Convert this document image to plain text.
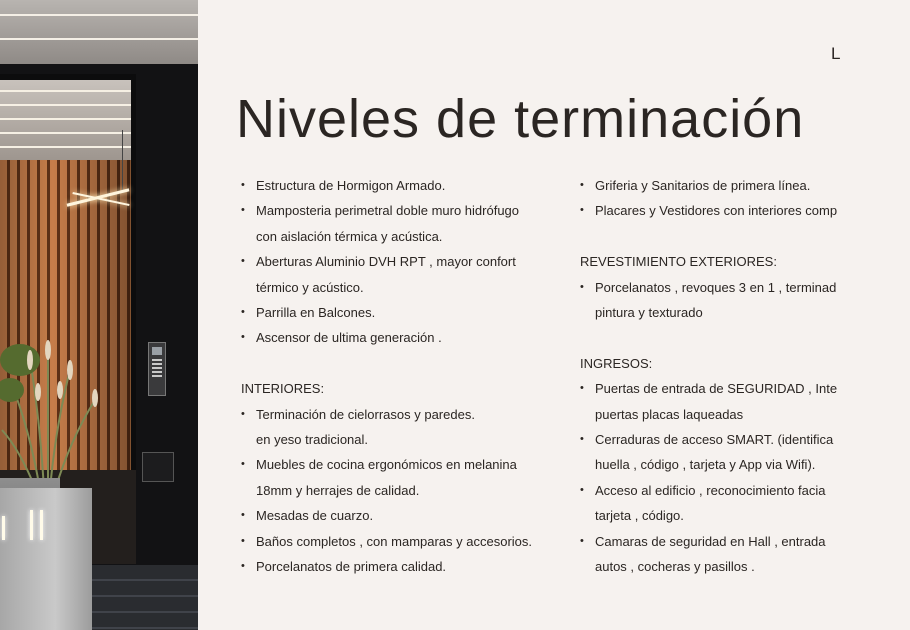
L
Niveles de terminación
• Estructura de Hormigon Armado.
• Mamposteria perimetral doble muro hidrófugo
con aislación térmica y acústica.
• Aberturas Aluminio DVH RPT , mayor confort
térmico y acústico.
• Parrilla en Balcones.
• Ascensor de ultima generación .
INTERIORES:
• Terminación de cielorrasos y paredes.
en yeso tradicional.
• Muebles de cocina ergonómicos en melanina
18mm y herrajes de calidad.
• Mesadas de cuarzo.
• Baños completos , con mamparas y accesorios.
• Porcelanatos de primera calidad.
• Griferia y Sanitarios de primera línea.
• Placares y Vestidores con interiores comp
REVESTIMIENTO EXTERIORES:
• Porcelanatos , revoques 3 en 1 , terminad
pintura y texturado
INGRESOS:
• Puertas de entrada de SEGURIDAD , Inte
puertas placas laqueadas
• Cerraduras de acceso SMART. (identifica
huella , código , tarjeta y App via Wifi).
• Acceso al edificio , reconocimiento facia
tarjeta , código.
• Camaras de seguridad en Hall , entrada
autos , cocheras y pasillos .
